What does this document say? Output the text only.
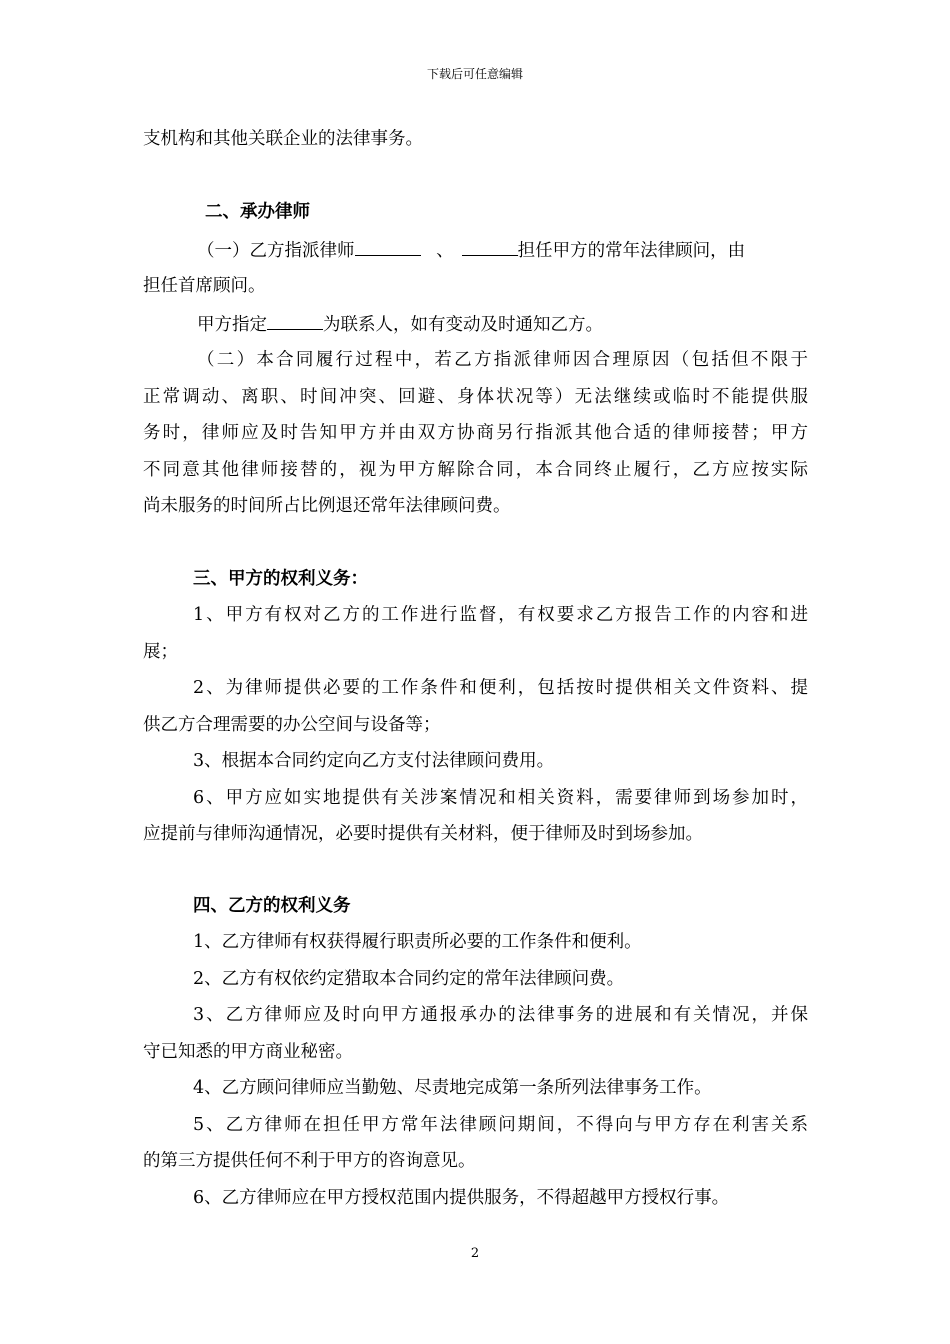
下载后可任意编辑
支机构和其他关联企业的法律事务。
二、承办律师
（一）乙方指派律师	、	担任甲方的常年法律顾问，由
担任首席顾问。
甲方指定	为联系人，如有变动及时通知乙方。
（二）本合同履行过程中，若乙方指派律师因合理原因（包括但不限于
正常调动、离职、时间冲突、回避、身体状况等）无法继续或临时不能提供服
务时，律师应及时告知甲方并由双方协商另行指派其他合适的律师接替；甲方
不同意其他律师接替的，视为甲方解除合同，本合同终止履行，乙方应按实际
尚未服务的时间所占比例退还常年法律顾问费。
三、甲方的权利义务：
1、甲方有权对乙方的工作进行监督，有权要求乙方报告工作的内容和进
展；
2、为律师提供必要的工作条件和便利，包括按时提供相关文件资料、提
供乙方合理需要的办公空间与设备等；
3、根据本合同约定向乙方支付法律顾问费用。
6、甲方应如实地提供有关涉案情况和相关资料，需要律师到场参加时，
应提前与律师沟通情况，必要时提供有关材料，便于律师及时到场参加。
四、乙方的权利义务
1、乙方律师有权获得履行职责所必要的工作条件和便利。
2、乙方有权依约定猎取本合同约定的常年法律顾问费。
3、乙方律师应及时向甲方通报承办的法律事务的进展和有关情况，并保
守已知悉的甲方商业秘密。
4、乙方顾问律师应当勤勉、尽责地完成第一条所列法律事务工作。
5、乙方律师在担任甲方常年法律顾问期间，不得向与甲方存在利害关系
的第三方提供任何不利于甲方的咨询意见。
6、乙方律师应在甲方授权范围内提供服务，不得超越甲方授权行事。
2
